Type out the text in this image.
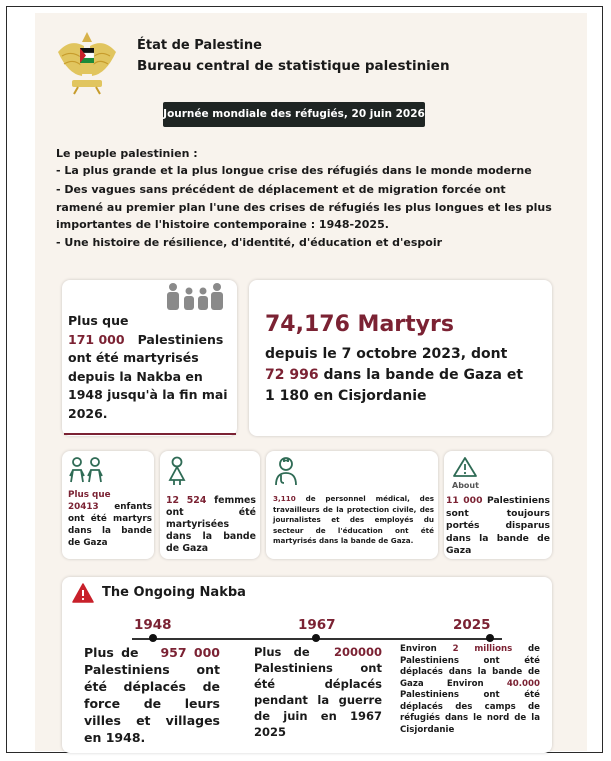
État de Palestine
Bureau central de statistique palestinien
Journée mondiale des réfugiés, 20 juin 2026
Le peuple palestinien :
- La plus grande et la plus longue crise des réfugiés dans le monde moderne
- Des vagues sans précédent de déplacement et de migration forcée ont
ramené au premier plan l'une des crises de réfugiés les plus longues et les plus
importantes de l'histoire contemporaine : 1948-2025.
- Une histoire de résilience, d'identité, d'éducation et d'espoir
Plus que
171 000 Palestiniens ont été martyrisés depuis la Nakba en 1948 jusqu'à la fin mai 2026.
74,176 Martyrs
depuis le 7 octobre 2023, dont
72 996 dans la bande de Gaza et
1 180 en Cisjordanie
Plus que
20413 enfants ont été martyrs dans la bande de Gaza
12 524 femmes ont été martyrisées dans la bande de Gaza
3,110 de personnel médical, des travailleurs de la protection civile, des journalistes et des employés du secteur de l'éducation ont été martyrisés dans la bande de Gaza.
About
11 000 Palestiniens sont toujours portés disparus dans la bande de Gaza
The Ongoing Nakba
1948	1967	2025
Plus de 957 000 Palestiniens ont été déplacés de force de leurs villes et villages en 1948.
Plus de 200000 Palestiniens ont été déplacés pendant la guerre de juin en 1967 2025
Environ 2 millions de Palestiniens ont été déplacés dans la bande de Gaza	Environ	40.000 Palestiniens ont été déplacés des camps de réfugiés dans le nord de la Cisjordanie
